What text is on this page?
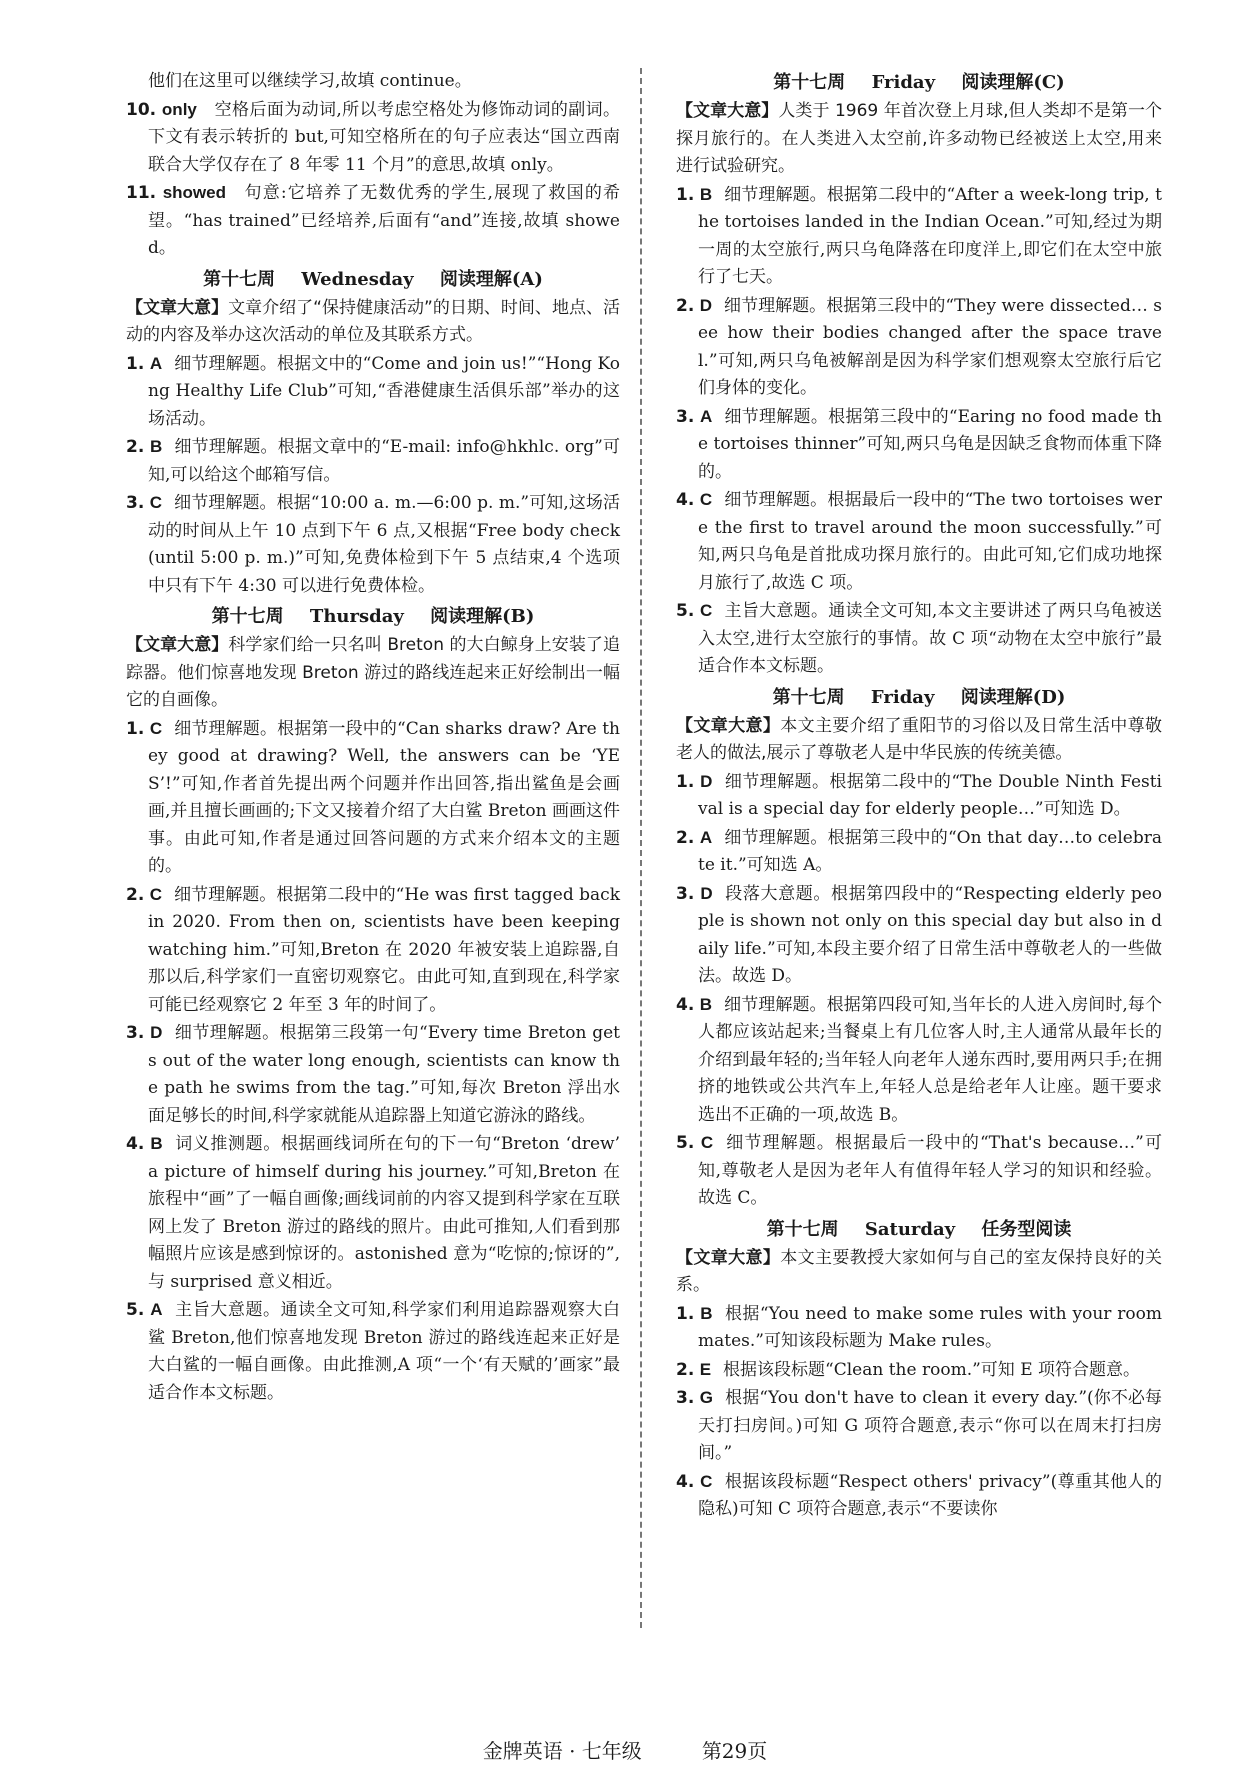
他们在这里可以继续学习,故填 continue。

10. only 空格后面为动词,所以考虑空格处为修饰动词的副词。下文有表示转折的 but,可知空格所在的句子应表达“国立西南联合大学仅存在了 8 年零 11 个月”的意思,故填 only。
11. showed 句意:它培养了无数优秀的学生,展现了救国的希望。“has trained”已经培养,后面有“and”连接,故填 showed。
第十七周 Wednesday 阅读理解(A)

【文章大意】文章介绍了“保持健康活动”的日期、时间、地点、活动的内容及举办这次活动的单位及其联系方式。

1. A 细节理解题。根据文中的“Come and join us!”“Hong Kong Healthy Life Club”可知,“香港健康生活俱乐部”举办的这场活动。
2. B 细节理解题。根据文章中的“E-mail: info@hkhlc. org”可知,可以给这个邮箱写信。
3. C 细节理解题。根据“10:00 a. m.—6:00 p. m.”可知,这场活动的时间从上午 10 点到下午 6 点,又根据“Free body check(until 5:00 p. m.)”可知,免费体检到下午 5 点结束,4 个选项中只有下午 4:30 可以进行免费体检。
第十七周 Thursday 阅读理解(B)

【文章大意】科学家们给一只名叫 Breton 的大白鲸身上安装了追踪器。他们惊喜地发现 Breton 游过的路线连起来正好绘制出一幅它的自画像。

1. C 细节理解题。根据第一段中的“Can sharks draw? Are they good at drawing? Well, the answers can be ‘YES’!”可知,作者首先提出两个问题并作出回答,指出鲨鱼是会画画,并且擅长画画的;下文又接着介绍了大白鲨 Breton 画画这件事。由此可知,作者是通过回答问题的方式来介绍本文的主题的。
2. C 细节理解题。根据第二段中的“He was first tagged back in 2020. From then on, scientists have been keeping watching him.”可知,Breton 在 2020 年被安装上追踪器,自那以后,科学家们一直密切观察它。由此可知,直到现在,科学家可能已经观察它 2 年至 3 年的时间了。
3. D 细节理解题。根据第三段第一句“Every time Breton gets out of the water long enough, scientists can know the path he swims from the tag.”可知,每次 Breton 浮出水面足够长的时间,科学家就能从追踪器上知道它游泳的路线。
4. B 词义推测题。根据画线词所在句的下一句“Breton ‘drew’ a picture of himself during his journey.”可知,Breton 在旅程中“画”了一幅自画像;画线词前的内容又提到科学家在互联网上发了 Breton 游过的路线的照片。由此可推知,人们看到那幅照片应该是感到惊讶的。astonished 意为“吃惊的;惊讶的”,与 surprised 意义相近。
5. A 主旨大意题。通读全文可知,科学家们利用追踪器观察大白鲨 Breton,他们惊喜地发现 Breton 游过的路线连起来正好是大白鲨的一幅自画像。由此推测,A 项“一个‘有天赋的’画家”最适合作本文标题。
第十七周 Friday 阅读理解(C)

【文章大意】人类于 1969 年首次登上月球,但人类却不是第一个探月旅行的。在人类进入太空前,许多动物已经被送上太空,用来进行试验研究。

1. B 细节理解题。根据第二段中的“After a week-long trip, the tortoises landed in the Indian Ocean.”可知,经过为期一周的太空旅行,两只乌龟降落在印度洋上,即它们在太空中旅行了七天。
2. D 细节理解题。根据第三段中的“They were dissected… see how their bodies changed after the space travel.”可知,两只乌龟被解剖是因为科学家们想观察太空旅行后它们身体的变化。
3. A 细节理解题。根据第三段中的“Earing no food made the tortoises thinner”可知,两只乌龟是因缺乏食物而体重下降的。
4. C 细节理解题。根据最后一段中的“The two tortoises were the first to travel around the moon successfully.”可知,两只乌龟是首批成功探月旅行的。由此可知,它们成功地探月旅行了,故选 C 项。
5. C 主旨大意题。通读全文可知,本文主要讲述了两只乌龟被送入太空,进行太空旅行的事情。故 C 项“动物在太空中旅行”最适合作本文标题。
第十七周 Friday 阅读理解(D)

【文章大意】本文主要介绍了重阳节的习俗以及日常生活中尊敬老人的做法,展示了尊敬老人是中华民族的传统美德。

1. D 细节理解题。根据第二段中的“The Double Ninth Festival is a special day for elderly people…”可知选 D。
2. A 细节理解题。根据第三段中的“On that day…to celebrate it.”可知选 A。
3. D 段落大意题。根据第四段中的“Respecting elderly people is shown not only on this special day but also in daily life.”可知,本段主要介绍了日常生活中尊敬老人的一些做法。故选 D。
4. B 细节理解题。根据第四段可知,当年长的人进入房间时,每个人都应该站起来;当餐桌上有几位客人时,主人通常从最年长的介绍到最年轻的;当年轻人向老年人递东西时,要用两只手;在拥挤的地铁或公共汽车上,年轻人总是给老年人让座。题干要求选出不正确的一项,故选 B。
5. C 细节理解题。根据最后一段中的“That's because…”可知,尊敬老人是因为老年人有值得年轻人学习的知识和经验。故选 C。
第十七周 Saturday 任务型阅读

【文章大意】本文主要教授大家如何与自己的室友保持良好的关系。

1. B 根据“You need to make some rules with your roommates.”可知该段标题为 Make rules。
2. E 根据该段标题“Clean the room.”可知 E 项符合题意。
3. G 根据“You don't have to clean it every day.”(你不必每天打扫房间。)可知 G 项符合题意,表示“你可以在周末打扫房间。”
4. C 根据该段标题“Respect others' privacy”(尊重其他人的隐私)可知 C 项符合题意,表示“不要读你
金牌英语 · 七年级	第29页
